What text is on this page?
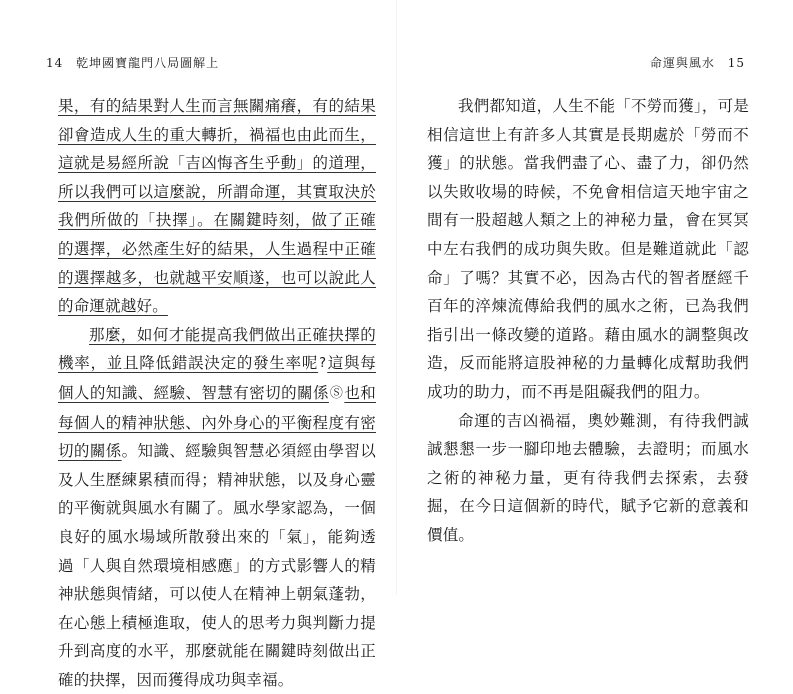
14 乾坤國寶龍門八局圖解上

果，有的結果對人生而言無關痛癢，有的結果卻會造成人生的重大轉折，禍福也由此而生，這就是易經所說「吉凶悔吝生乎動」的道理，所以我們可以這麼說，所謂命運，其實取決於我們所做的「抉擇」。在關鍵時刻，做了正確的選擇，必然產生好的結果，人生過程中正確的選擇越多，也就越平安順遂，也可以說此人的命運就越好。

那麼，如何才能提高我們做出正確抉擇的機率，並且降低錯誤決定的發生率呢?這與每個人的知識、經驗、智慧有密切的關係Ⓢ也和每個人的精神狀態、內外身心的平衡程度有密切的關係。知識、經驗與智慧必須經由學習以及人生歷練累積而得；精神狀態，以及身心靈的平衡就與風水有關了。風水學家認為，一個良好的風水場域所散發出來的「氣」，能夠透過「人與自然環境相感應」的方式影響人的精神狀態與情緒，可以使人在精神上朝氣蓬勃，在心態上積極進取，使人的思考力與判斷力提升到高度的水平，那麼就能在關鍵時刻做出正確的抉擇，因而獲得成功與幸福。

命運與風水 15

我們都知道，人生不能「不勞而獲」，可是相信這世上有許多人其實是長期處於「勞而不獲」的狀態。當我們盡了心、盡了力，卻仍然以失敗收場的時候，不免會相信這天地宇宙之間有一股超越人類之上的神秘力量，會在冥冥中左右我們的成功與失敗。但是難道就此「認命」了嗎？其實不必，因為古代的智者歷經千百年的淬煉流傳給我們的風水之術，已為我們指引出一條改變的道路。藉由風水的調整與改造，反而能將這股神秘的力量轉化成幫助我們成功的助力，而不再是阻礙我們的阻力。

命運的吉凶禍福，奧妙難測，有待我們誠誠懇懇一步一腳印地去體驗，去證明；而風水之術的神秘力量，更有待我們去探索，去發掘，在今日這個新的時代，賦予它新的意義和價值。
